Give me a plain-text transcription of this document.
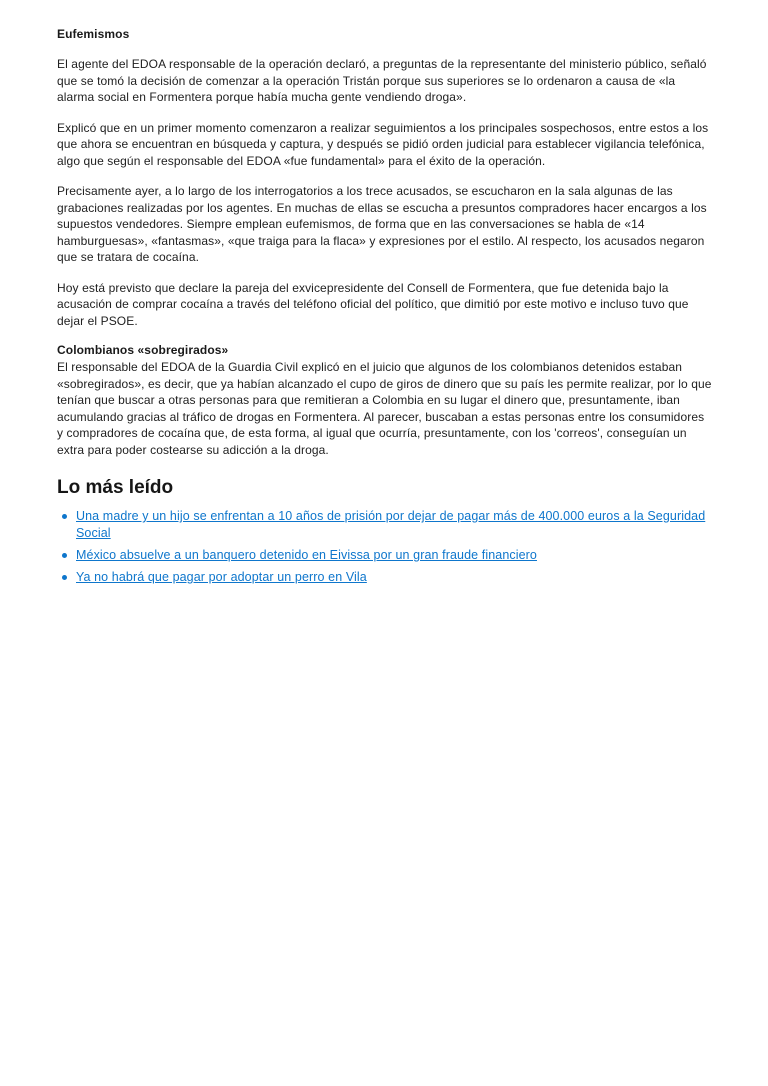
Eufemismos

El agente del EDOA responsable de la operación declaró, a preguntas de la representante del ministerio público, señaló que se tomó la decisión de comenzar a la operación Tristán porque sus superiores se lo ordenaron a causa de «la alarma social en Formentera porque había mucha gente vendiendo droga».

Explicó que en un primer momento comenzaron a realizar seguimientos a los principales sospechosos, entre estos a los que ahora se encuentran en búsqueda y captura, y después se pidió orden judicial para establecer vigilancia telefónica, algo que según el responsable del EDOA «fue fundamental» para el éxito de la operación.

Precisamente ayer, a lo largo de los interrogatorios a los trece acusados, se escucharon en la sala algunas de las grabaciones realizadas por los agentes. En muchas de ellas se escucha a presuntos compradores hacer encargos a los supuestos vendedores. Siempre emplean eufemismos, de forma que en las conversaciones se habla de «14 hamburguesas», «fantasmas», «que traiga para la flaca» y expresiones por el estilo. Al respecto, los acusados negaron que se tratara de cocaína.

Hoy está previsto que declare la pareja del exvicepresidente del Consell de Formentera, que fue detenida bajo la acusación de comprar cocaína a través del teléfono oficial del político, que dimitió por este motivo e incluso tuvo que dejar el PSOE.

Colombianos «sobregirados»

El responsable del EDOA de la Guardia Civil explicó en el juicio que algunos de los colombianos detenidos estaban «sobregirados», es decir, que ya habían alcanzado el cupo de giros de dinero que su país les permite realizar, por lo que tenían que buscar a otras personas para que remitieran a Colombia en su lugar el dinero que, presuntamente, iban acumulando gracias al tráfico de drogas en Formentera. Al parecer, buscaban a estas personas entre los consumidores y compradores de cocaína que, de esta forma, al igual que ocurría, presuntamente, con los 'correos', conseguían un extra para poder costearse su adicción a la droga.

Lo más leído
Una madre y un hijo se enfrentan a 10 años de prisión por dejar de pagar más de 400.000 euros a la Seguridad Social
México absuelve a un banquero detenido en Eivissa por un gran fraude financiero
Ya no habrá que pagar por adoptar un perro en Vila
